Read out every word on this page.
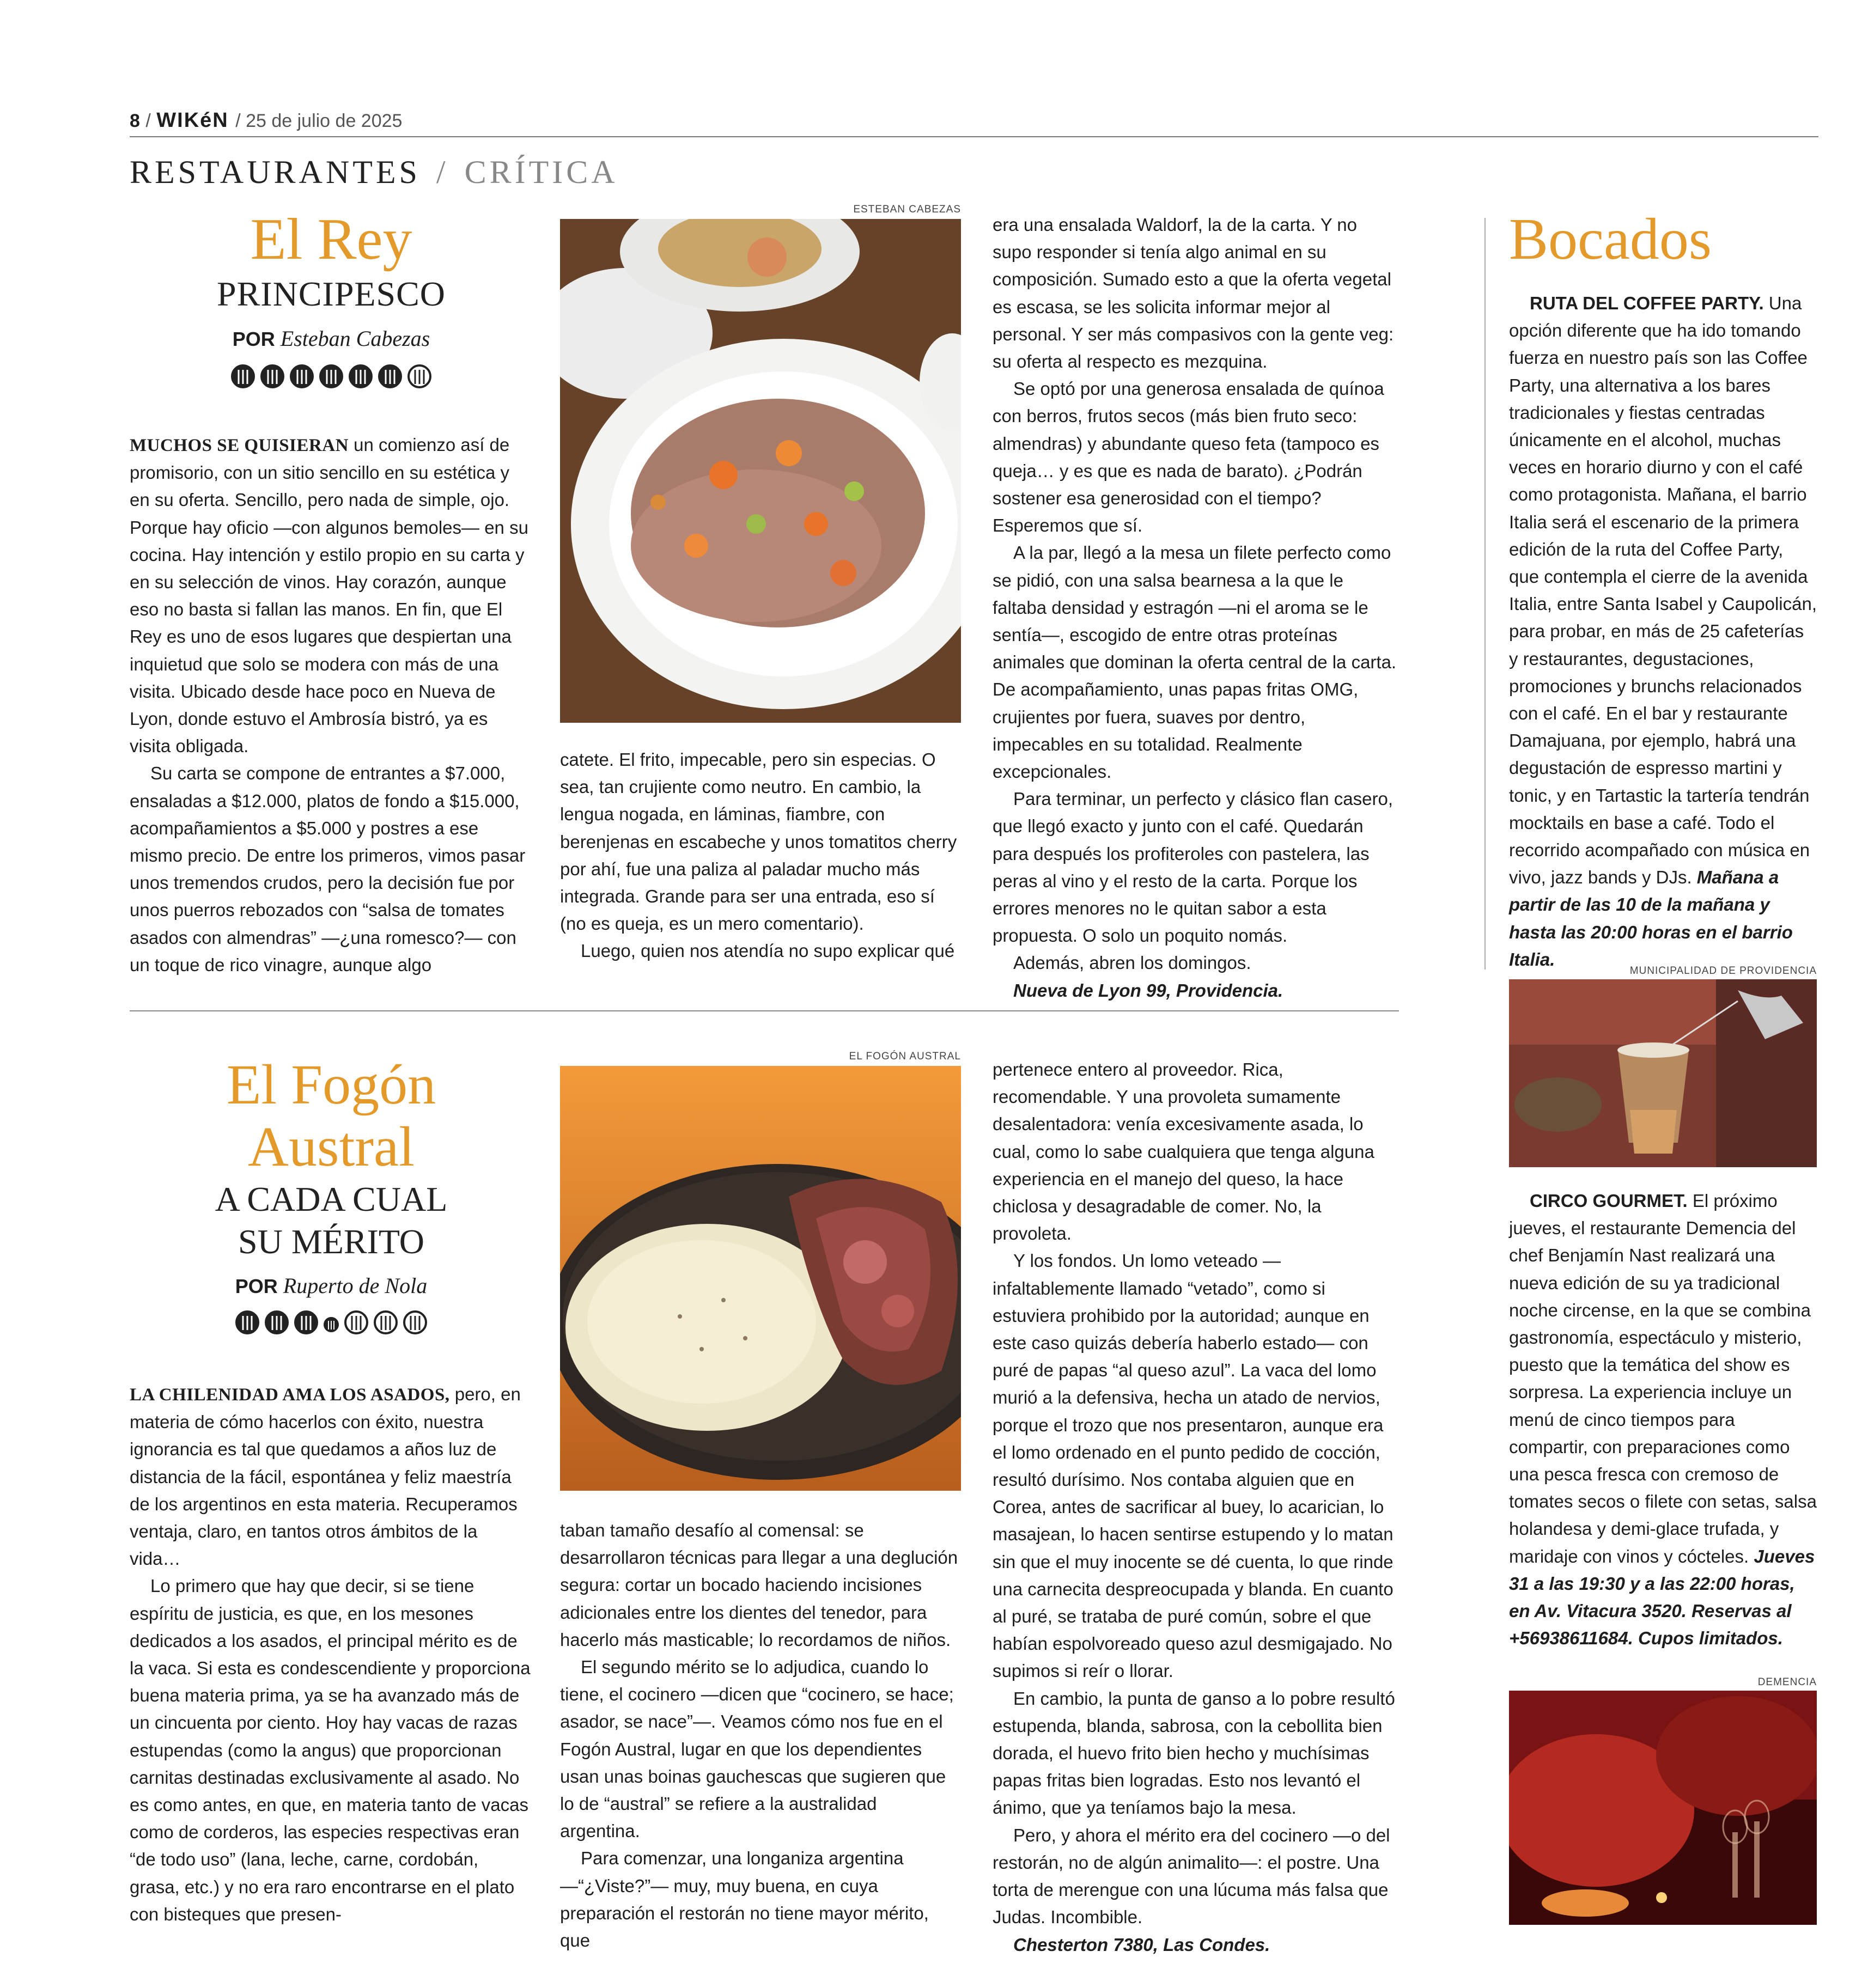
8 / WIKéN / 25 de julio de 2025
RESTAURANTES / CRÍTICA
El Rey
PRINCIPESCO
POR Esteban Cabezas

MUCHOS SE QUISIERAN un comienzo así de promisorio, con un sitio sencillo en su estética y en su oferta. Sencillo, pero nada de simple, ojo. Porque hay oficio —con algunos bemoles— en su cocina. Hay intención y estilo propio en su carta y en su selección de vinos. Hay corazón, aunque eso no basta si fallan las manos. En fin, que El Rey es uno de esos lugares que despiertan una inquietud que solo se modera con más de una visita. Ubicado desde hace poco en Nueva de Lyon, donde estuvo el Ambrosía bistró, ya es visita obligada.

Su carta se compone de entrantes a $7.000, ensaladas a $12.000, platos de fondo a $15.000, acompañamientos a $5.000 y postres a ese mismo precio. De entre los primeros, vimos pasar unos tremendos crudos, pero la decisión fue por unos puerros rebozados con “salsa de tomates asados con almendras” —¿una romesco?— con un toque de rico vinagre, aunque algo

ESTEBAN CABEZAS

catete. El frito, impecable, pero sin especias. O sea, tan crujiente como neutro. En cambio, la lengua nogada, en láminas, fiambre, con berenjenas en escabeche y unos tomatitos cherry por ahí, fue una paliza al paladar mucho más integrada. Grande para ser una entrada, eso sí (no es queja, es un mero comentario).

Luego, quien nos atendía no supo explicar qué

era una ensalada Waldorf, la de la carta. Y no supo responder si tenía algo animal en su composición. Sumado esto a que la oferta vegetal es escasa, se les solicita informar mejor al personal. Y ser más compasivos con la gente veg: su oferta al respecto es mezquina.

Se optó por una generosa ensalada de quínoa con berros, frutos secos (más bien fruto seco: almendras) y abundante queso feta (tampoco es queja… y es que es nada de barato). ¿Podrán sostener esa generosidad con el tiempo? Esperemos que sí.

A la par, llegó a la mesa un filete perfecto como se pidió, con una salsa bearnesa a la que le faltaba densidad y estragón —ni el aroma se le sentía—, escogido de entre otras proteínas animales que dominan la oferta central de la carta. De acompañamiento, unas papas fritas OMG, crujientes por fuera, suaves por dentro, impecables en su totalidad. Realmente excepcionales.

Para terminar, un perfecto y clásico flan casero, que llegó exacto y junto con el café. Quedarán para después los profiteroles con pastelera, las peras al vino y el resto de la carta. Porque los errores menores no le quitan sabor a esta propuesta. O solo un poquito nomás.

Además, abren los domingos.

Nueva de Lyon 99, Providencia.

El Fogón
Austral
A CADA CUAL
SU MÉRITO
POR Ruperto de Nola

LA CHILENIDAD AMA LOS ASADOS, pero, en materia de cómo hacerlos con éxito, nuestra ignorancia es tal que quedamos a años luz de distancia de la fácil, espontánea y feliz maestría de los argentinos en esta materia. Recuperamos ventaja, claro, en tantos otros ámbitos de la vida…

Lo primero que hay que decir, si se tiene espíritu de justicia, es que, en los mesones dedicados a los asados, el principal mérito es de la vaca. Si esta es condescendiente y proporciona buena materia prima, ya se ha avanzado más de un cincuenta por ciento. Hoy hay vacas de razas estupendas (como la angus) que proporcionan carnitas destinadas exclusivamente al asado. No es como antes, en que, en materia tanto de vacas como de corderos, las especies respectivas eran “de todo uso” (lana, leche, carne, cordobán, grasa, etc.) y no era raro encontrarse en el plato con bisteques que presen-

EL FOGÓN AUSTRAL

taban tamaño desafío al comensal: se desarrollaron técnicas para llegar a una deglución segura: cortar un bocado haciendo incisiones adicionales entre los dientes del tenedor, para hacerlo más masticable; lo recordamos de niños.

El segundo mérito se lo adjudica, cuando lo tiene, el cocinero —dicen que “cocinero, se hace; asador, se nace”—. Veamos cómo nos fue en el Fogón Austral, lugar en que los dependientes usan unas boinas gauchescas que sugieren que lo de “austral” se refiere a la australidad argentina.

Para comenzar, una longaniza argentina —“¿Viste?”— muy, muy buena, en cuya preparación el restorán no tiene mayor mérito, que

pertenece entero al proveedor. Rica, recomendable. Y una provoleta sumamente desalentadora: venía excesivamente asada, lo cual, como lo sabe cualquiera que tenga alguna experiencia en el manejo del queso, la hace chiclosa y desagradable de comer. No, la provoleta.

Y los fondos. Un lomo veteado —infaltablemente llamado “vetado”, como si estuviera prohibido por la autoridad; aunque en este caso quizás debería haberlo estado— con puré de papas “al queso azul”. La vaca del lomo murió a la defensiva, hecha un atado de nervios, porque el trozo que nos presentaron, aunque era el lomo ordenado en el punto pedido de cocción, resultó durísimo. Nos contaba alguien que en Corea, antes de sacrificar al buey, lo acarician, lo masajean, lo hacen sentirse estupendo y lo matan sin que el muy inocente se dé cuenta, lo que rinde una carnecita despreocupada y blanda. En cuanto al puré, se trataba de puré común, sobre el que habían espolvoreado queso azul desmigajado. No supimos si reír o llorar.

En cambio, la punta de ganso a lo pobre resultó estupenda, blanda, sabrosa, con la cebollita bien dorada, el huevo frito bien hecho y muchísimas papas fritas bien logradas. Esto nos levantó el ánimo, que ya teníamos bajo la mesa.

Pero, y ahora el mérito era del cocinero —o del restorán, no de algún animalito—: el postre. Una torta de merengue con una lúcuma más falsa que Judas. Incombible.

Chesterton 7380, Las Condes.

Bocados

RUTA DEL COFFEE PARTY. Una opción diferente que ha ido tomando fuerza en nuestro país son las Coffee Party, una alternativa a los bares tradicionales y fiestas centradas únicamente en el alcohol, muchas veces en horario diurno y con el café como protagonista. Mañana, el barrio Italia será el escenario de la primera edición de la ruta del Coffee Party, que contempla el cierre de la avenida Italia, entre Santa Isabel y Caupolicán, para probar, en más de 25 cafeterías y restaurantes, degustaciones, promociones y brunchs relacionados con el café. En el bar y restaurante Damajuana, por ejemplo, habrá una degustación de espresso martini y tonic, y en Tartastic la tartería tendrán mocktails en base a café. Todo el recorrido acompañado con música en vivo, jazz bands y DJs. Mañana a partir de las 10 de la mañana y hasta las 20:00 horas en el barrio Italia.

MUNICIPALIDAD DE PROVIDENCIA

CIRCO GOURMET. El próximo jueves, el restaurante Demencia del chef Benjamín Nast realizará una nueva edición de su ya tradicional noche circense, en la que se combina gastronomía, espectáculo y misterio, puesto que la temática del show es sorpresa. La experiencia incluye un menú de cinco tiempos para compartir, con preparaciones como una pesca fresca con cremoso de tomates secos o filete con setas, salsa holandesa y demi-glace trufada, y maridaje con vinos y cócteles. Jueves 31 a las 19:30 y a las 22:00 horas, en Av. Vitacura 3520. Reservas al +56938611684. Cupos limitados.

DEMENCIA
